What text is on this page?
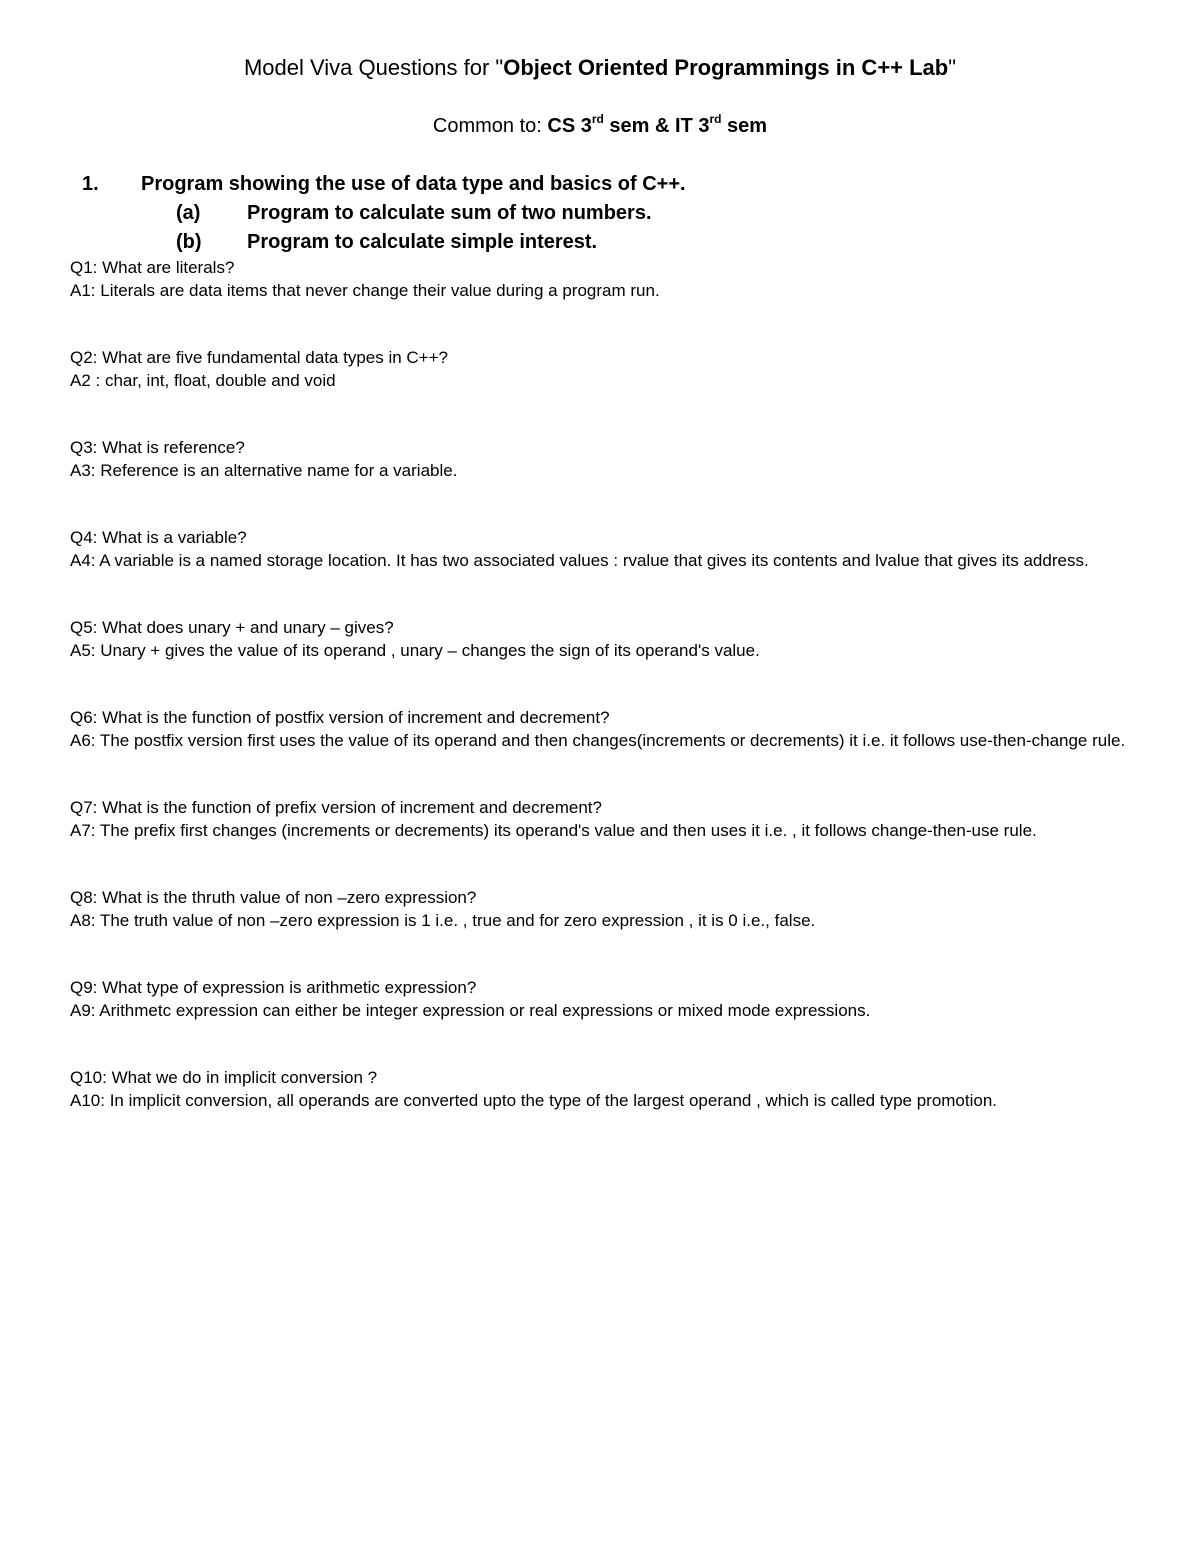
Model Viva Questions for "Object Oriented Programmings in C++ Lab"
Common to: CS 3rd sem & IT 3rd sem
1. Program showing the use of data type and basics of C++.
(a) Program to calculate sum of two numbers.
(b) Program to calculate simple interest.

Q1: What are literals?

A1: Literals are data items that never change their value during a program run.

Q2: What are five fundamental data types in C++?

A2 : char, int, float, double and void

Q3: What is reference?

A3: Reference is an alternative name for a variable.

Q4: What is a variable?

A4: A variable is a named storage location. It has two associated values : rvalue that gives its contents and lvalue that gives its address.

Q5: What does unary + and unary – gives?

A5: Unary + gives the value of its operand , unary – changes the sign of its operand's value.

Q6: What is the function of postfix version of increment and decrement?

A6: The postfix version first uses the value of its operand and then changes(increments or decrements) it i.e. it follows use-then-change rule.

Q7: What is the function of prefix version of increment and decrement?

A7: The prefix first changes (increments or decrements) its operand's value and then uses it i.e. , it follows change-then-use rule.

Q8: What is the thruth value of non –zero expression?

A8: The truth value of non –zero expression is 1 i.e. , true and for zero expression , it is 0 i.e., false.

Q9: What type of expression is arithmetic expression?

A9: Arithmetc expression can either be integer expression or real expressions or mixed mode expressions.

Q10: What we do in implicit conversion ?

A10: In implicit conversion, all operands are converted upto the type of the largest operand , which is called type promotion.
